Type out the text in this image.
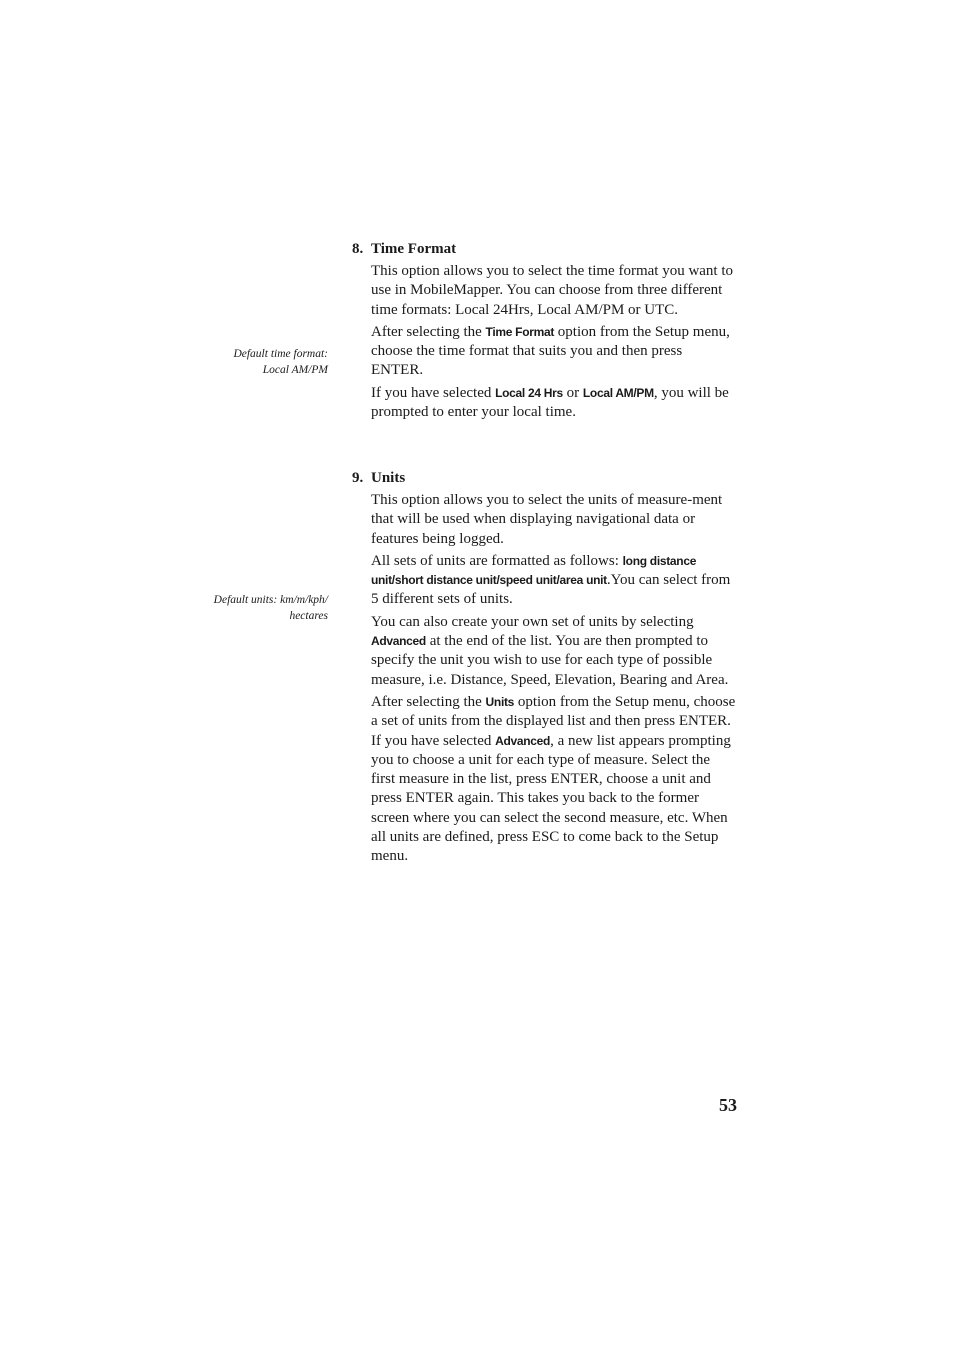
8. Time Format

This option allows you to select the time format you want to use in MobileMapper. You can choose from three different time formats: Local 24Hrs, Local AM/PM or UTC.

After selecting the Time Format option from the Setup menu, choose the time format that suits you and then press ENTER.

If you have selected Local 24 Hrs or Local AM/PM, you will be prompted to enter your local time.

Default time format:
Local AM/PM
9. Units

This option allows you to select the units of measure-ment that will be used when displaying navigational data or features being logged.

All sets of units are formatted as follows: long distance unit/short distance unit/speed unit/area unit.You can select from 5 different sets of units.

You can also create your own set of units by selecting Advanced at the end of the list. You are then prompted to specify the unit you wish to use for each type of possible measure, i.e. Distance, Speed, Elevation, Bearing and Area.

After selecting the Units option from the Setup menu, choose a set of units from the displayed list and then press ENTER. If you have selected Advanced, a new list appears prompting you to choose a unit for each type of measure. Select the first measure in the list, press ENTER, choose a unit and press ENTER again. This takes you back to the former screen where you can select the second measure, etc. When all units are defined, press ESC to come back to the Setup menu.

Default units: km/m/kph/
hectares
53
